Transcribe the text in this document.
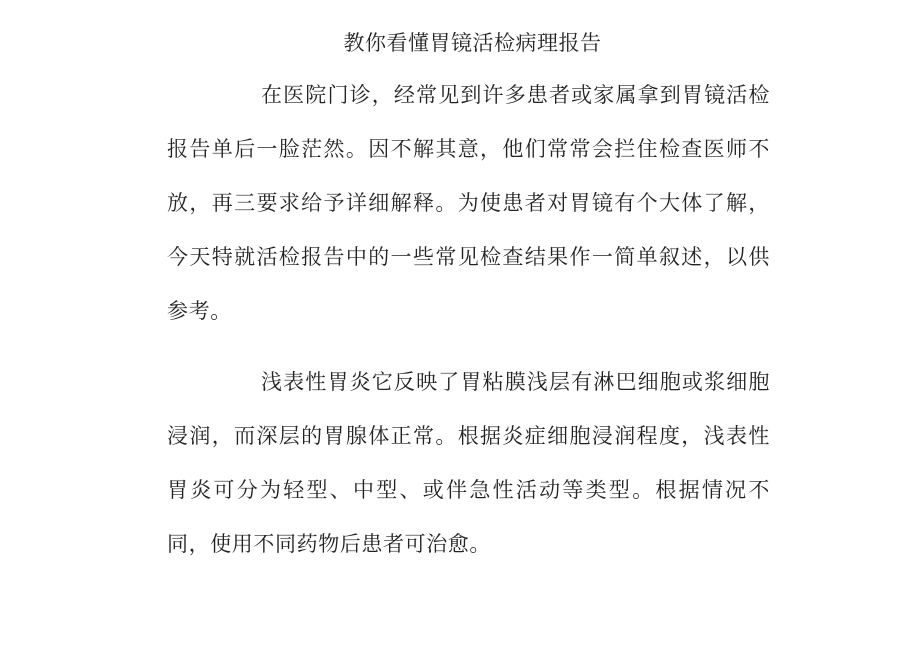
教你看懂胃镜活检病理报告

在医院门诊，经常见到许多患者或家属拿到胃镜活检报告单后一脸茫然。因不解其意，他们常常会拦住检查医师不放，再三要求给予详细解释。为使患者对胃镜有个大体了解，今天特就活检报告中的一些常见检查结果作一简单叙述，以供参考。

浅表性胃炎它反映了胃粘膜浅层有淋巴细胞或浆细胞浸润，而深层的胃腺体正常。根据炎症细胞浸润程度，浅表性胃炎可分为轻型、中型、或伴急性活动等类型。根据情况不同，使用不同药物后患者可治愈。
